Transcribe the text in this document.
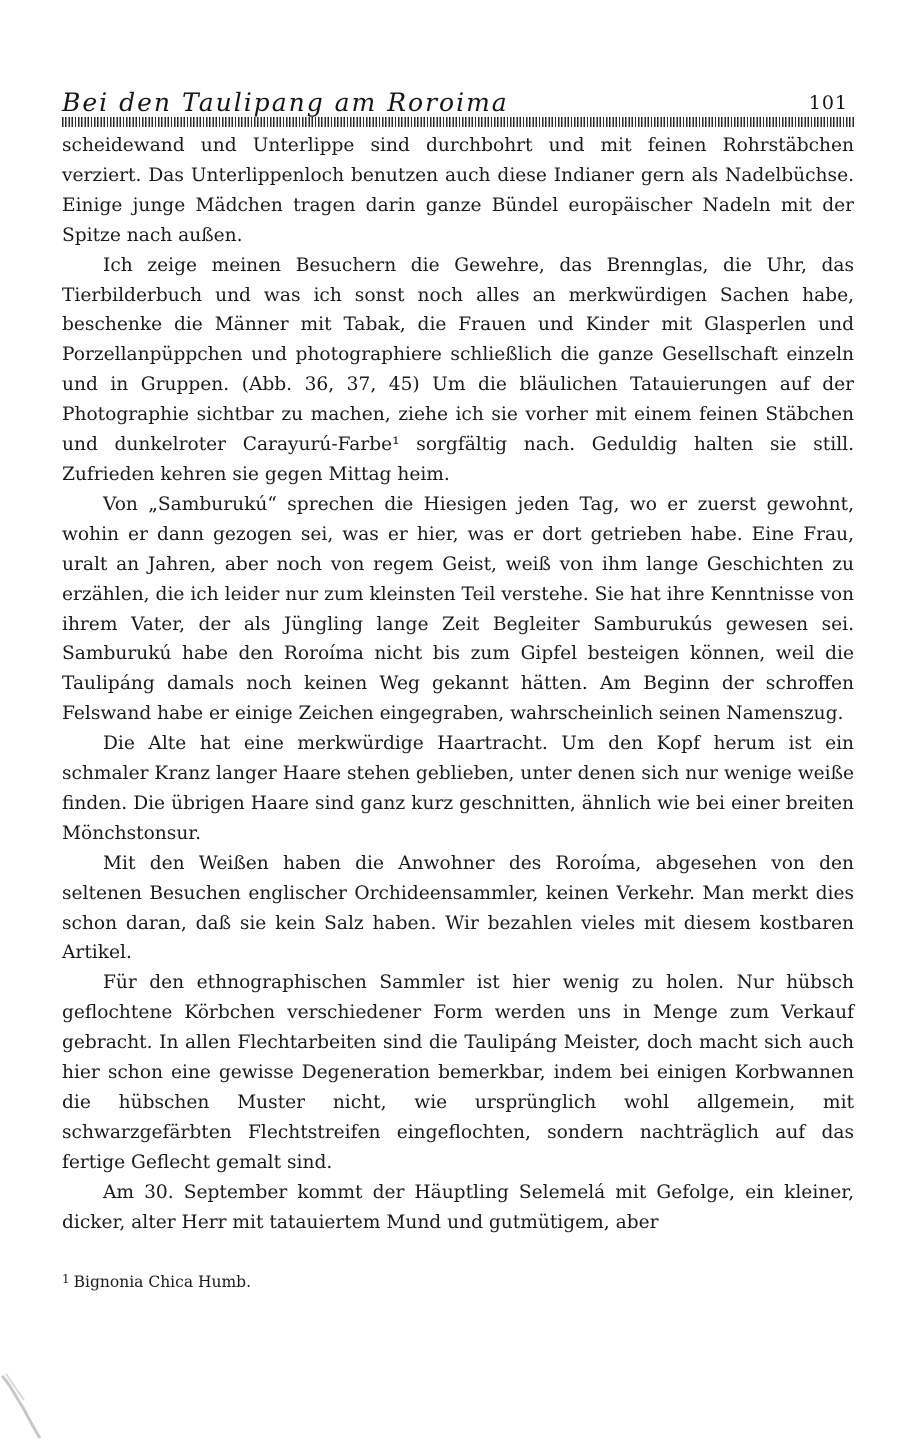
Bei den Taulipang am Roroima	101

scheidewand und Unterlippe sind durchbohrt und mit feinen Rohrstäbchen verziert. Das Unterlippenloch benutzen auch diese Indianer gern als Nadelbüchse. Einige junge Mädchen tragen darin ganze Bündel europäischer Nadeln mit der Spitze nach außen.

Ich zeige meinen Besuchern die Gewehre, das Brennglas, die Uhr, das Tierbilderbuch und was ich sonst noch alles an merkwürdigen Sachen habe, beschenke die Männer mit Tabak, die Frauen und Kinder mit Glasperlen und Porzellanpüppchen und photographiere schließlich die ganze Gesellschaft einzeln und in Gruppen. (Abb. 36, 37, 45) Um die bläulichen Tatauierungen auf der Photographie sichtbar zu machen, ziehe ich sie vorher mit einem feinen Stäbchen und dunkelroter Carayurú-Farbe¹ sorgfältig nach. Geduldig halten sie still. Zufrieden kehren sie gegen Mittag heim.

Von „Samburukú“ sprechen die Hiesigen jeden Tag, wo er zuerst gewohnt, wohin er dann gezogen sei, was er hier, was er dort getrieben habe. Eine Frau, uralt an Jahren, aber noch von regem Geist, weiß von ihm lange Geschichten zu erzählen, die ich leider nur zum kleinsten Teil verstehe. Sie hat ihre Kenntnisse von ihrem Vater, der als Jüngling lange Zeit Begleiter Samburukús gewesen sei. Samburukú habe den Roroíma nicht bis zum Gipfel besteigen können, weil die Taulipáng damals noch keinen Weg gekannt hätten. Am Beginn der schroffen Felswand habe er einige Zeichen eingegraben, wahrscheinlich seinen Namenszug.

Die Alte hat eine merkwürdige Haartracht. Um den Kopf herum ist ein schmaler Kranz langer Haare stehen geblieben, unter denen sich nur wenige weiße finden. Die übrigen Haare sind ganz kurz geschnitten, ähnlich wie bei einer breiten Mönchstonsur.

Mit den Weißen haben die Anwohner des Roroíma, abgesehen von den seltenen Besuchen englischer Orchideensammler, keinen Verkehr. Man merkt dies schon daran, daß sie kein Salz haben. Wir bezahlen vieles mit diesem kostbaren Artikel.

Für den ethnographischen Sammler ist hier wenig zu holen. Nur hübsch geflochtene Körbchen verschiedener Form werden uns in Menge zum Verkauf gebracht. In allen Flechtarbeiten sind die Taulipáng Meister, doch macht sich auch hier schon eine gewisse Degeneration bemerkbar, indem bei einigen Korbwannen die hübschen Muster nicht, wie ursprünglich wohl allgemein, mit schwarzgefärbten Flechtstreifen eingeflochten, sondern nachträglich auf das fertige Geflecht gemalt sind.

Am 30. September kommt der Häuptling Selemelá mit Gefolge, ein kleiner, dicker, alter Herr mit tatauiertem Mund und gutmütigem, aber

$^1$ Bignonia Chica Humb.
